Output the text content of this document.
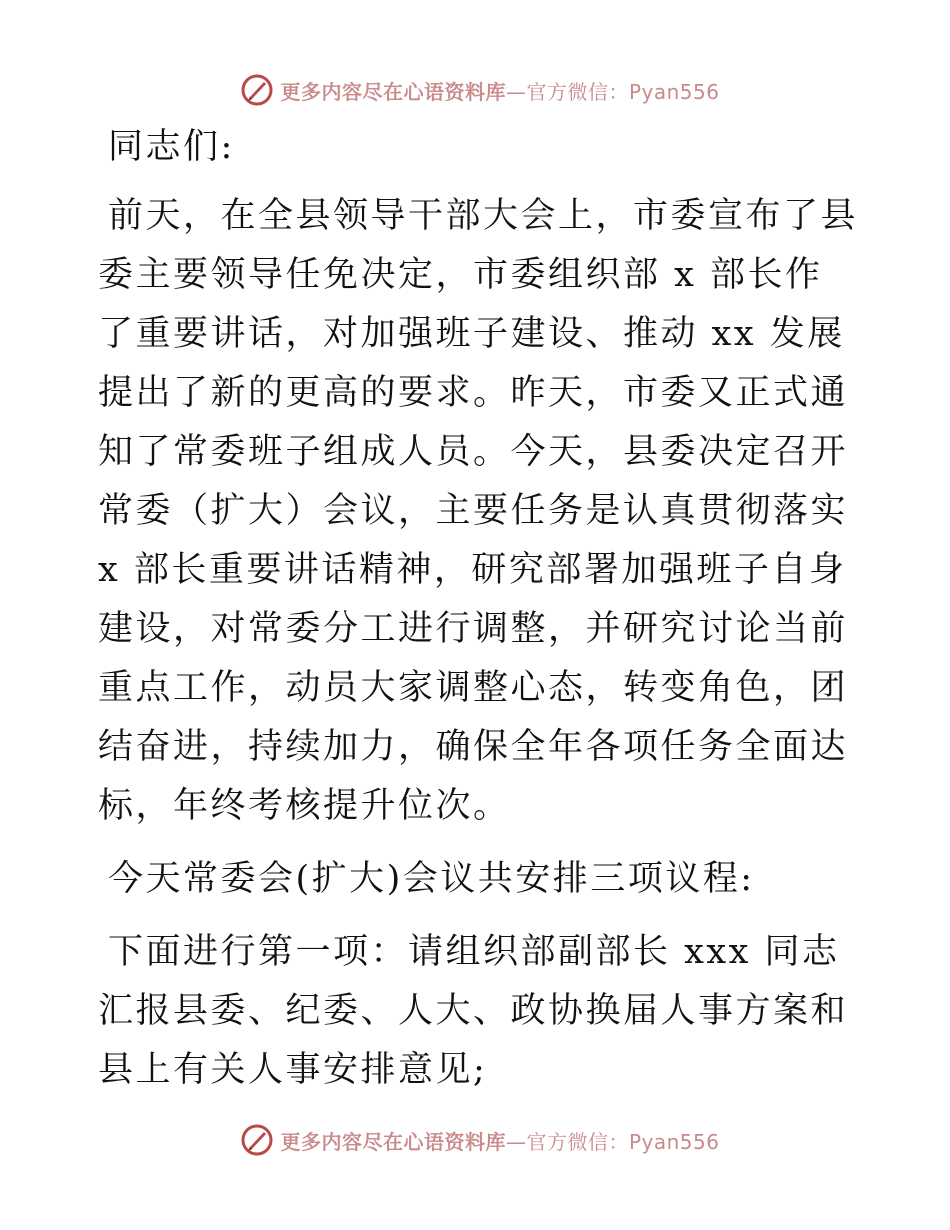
更多内容尽在心语资料库 —官方微信：Pyan556

同志们:

前天，在全县领导干部大会上，市委宣布了县委主要领导任免决定，市委组织部 x 部长作了重要讲话，对加强班子建设、推动 xx 发展提出了新的更高的要求。昨天，市委又正式通知了常委班子组成人员。今天，县委决定召开常委（扩大）会议，主要任务是认真贯彻落实 x 部长重要讲话精神，研究部署加强班子自身建设，对常委分工进行调整，并研究讨论当前重点工作，动员大家调整心态，转变角色，团结奋进，持续加力，确保全年各项任务全面达标，年终考核提升位次。

今天常委会(扩大)会议共安排三项议程:

下面进行第一项：请组织部副部长 xxx 同志汇报县委、纪委、人大、政协换届人事方案和县上有关人事安排意见;

更多内容尽在心语资料库 —官方微信：Pyan556
